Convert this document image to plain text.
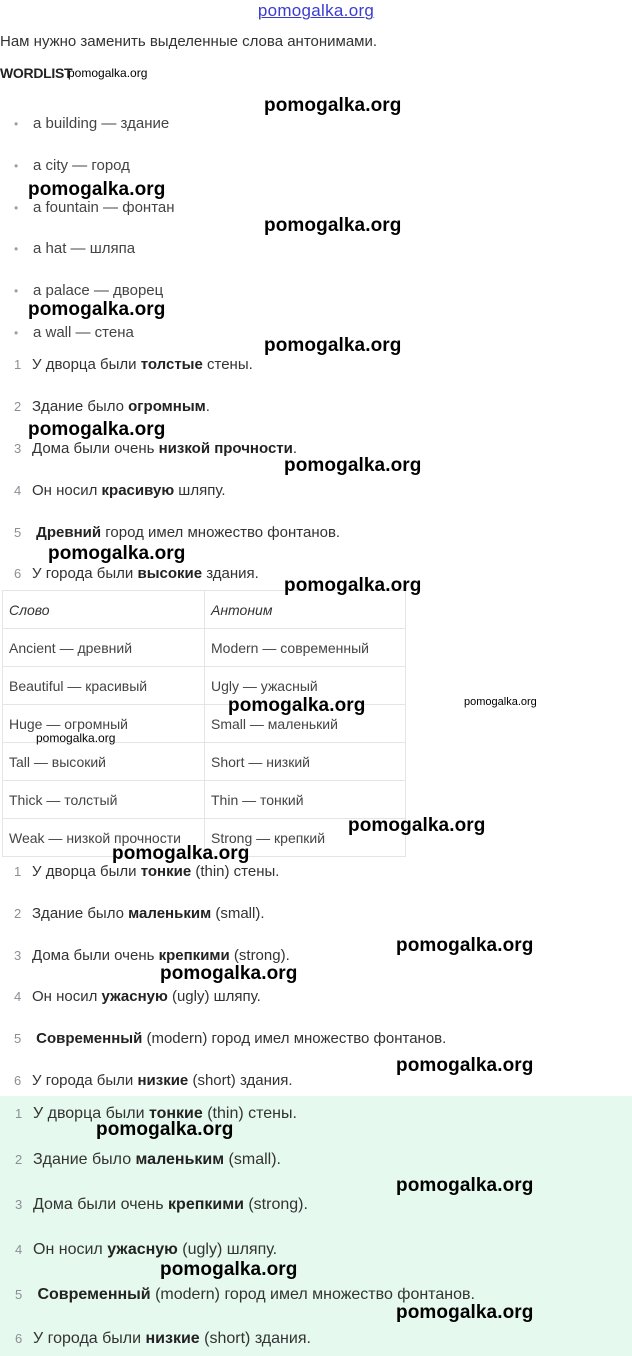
pomogalka.org
Нам нужно заменить выделенные слова антонимами.
WORDLIST
pomogalka.org
• a building — здание
• a city — город
• a fountain — фонтан
• a hat — шляпа
• a palace — дворец
• a wall — стена
1 У дворца были толстые стены.
2 Здание было огромным.
3 Дома были очень низкой прочности.
4 Он носил красивую шляпу.
5 Древний город имел множество фонтанов.
6 У города были высокие здания.
Слово	Антоним
Ancient — древний	Modern — современный
Beautiful — красивый	Ugly — ужасный
Huge — огромный	Small — маленький
Tall — высокий	Short — низкий
Thick — толстый	Thin — тонкий
Weak — низкой прочности	Strong — крепкий
1 У дворца были тонкие (thin) стены.
2 Здание было маленьким (small).
3 Дома были очень крепкими (strong).
4 Он носил ужасную (ugly) шляпу.
5 Современный (modern) город имел множество фонтанов.
6 У города были низкие (short) здания.
1 У дворца были тонкие (thin) стены.
2 Здание было маленьким (small).
3 Дома были очень крепкими (strong).
4 Он носил ужасную (ugly) шляпу.
5 Современный (modern) город имел множество фонтанов.
6 У города были низкие (short) здания.
pomogalka.org
pomogalka.org
pomogalka.org
pomogalka.org
pomogalka.org
pomogalka.org
pomogalka.org
pomogalka.org
pomogalka.org
pomogalka.org	pomogalka.org
pomogalka.org
pomogalka.org
pomogalka.org
pomogalka.org
pomogalka.org
pomogalka.org
pomogalka.org
pomogalka.org
pomogalka.org
pomogalka.org
